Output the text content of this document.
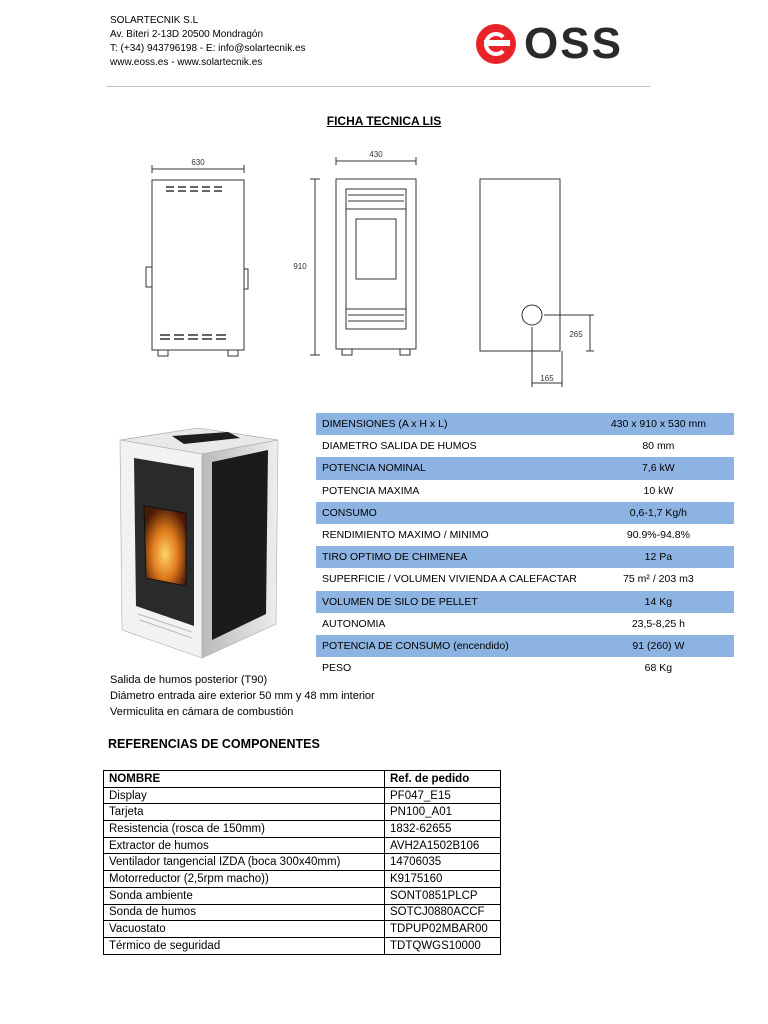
SOLARTECNIK S.L
Av. Biteri 2-13D 20500 Mondragón
T: (+34) 943796198 - E: info@solartecnik.es
www.eoss.es - www.solartecnik.es	OSS
FICHA TECNICA LIS
630
430
910
265
165
Salida de humos posterior (T90)
Diámetro entrada aire exterior 50 mm y 48 mm interior
Vermiculita en cámara de combustión
DIMENSIONES (A x H x L)	430 x 910 x 530 mm
DIAMETRO SALIDA DE HUMOS	80 mm
POTENCIA NOMINAL	7,6 kW
POTENCIA MAXIMA	10 kW
CONSUMO	0,6-1,7 Kg/h
RENDIMIENTO MAXIMO / MINIMO	90.9%-94.8%
TIRO OPTIMO DE CHIMENEA	12 Pa
SUPERFICIE / VOLUMEN VIVIENDA A CALEFACTAR	75 m² / 203 m3
VOLUMEN DE SILO DE PELLET	14 Kg
AUTONOMIA	23,5-8,25 h
POTENCIA DE CONSUMO (encendido)	91 (260) W
PESO	68 Kg
REFERENCIAS DE COMPONENTES
NOMBRE	Ref. de pedido
Display	PF047_E15
Tarjeta	PN100_A01
Resistencia (rosca de 150mm)	1832-62655
Extractor de humos	AVH2A1502B106
Ventilador tangencial IZDA (boca 300x40mm)	14706035
Motorreductor (2,5rpm macho))	K9175160
Sonda ambiente	SONT0851PLCP
Sonda de humos	SOTCJ0880ACCF
Vacuostato	TDPUP02MBAR00
Térmico de seguridad	TDTQWGS10000
